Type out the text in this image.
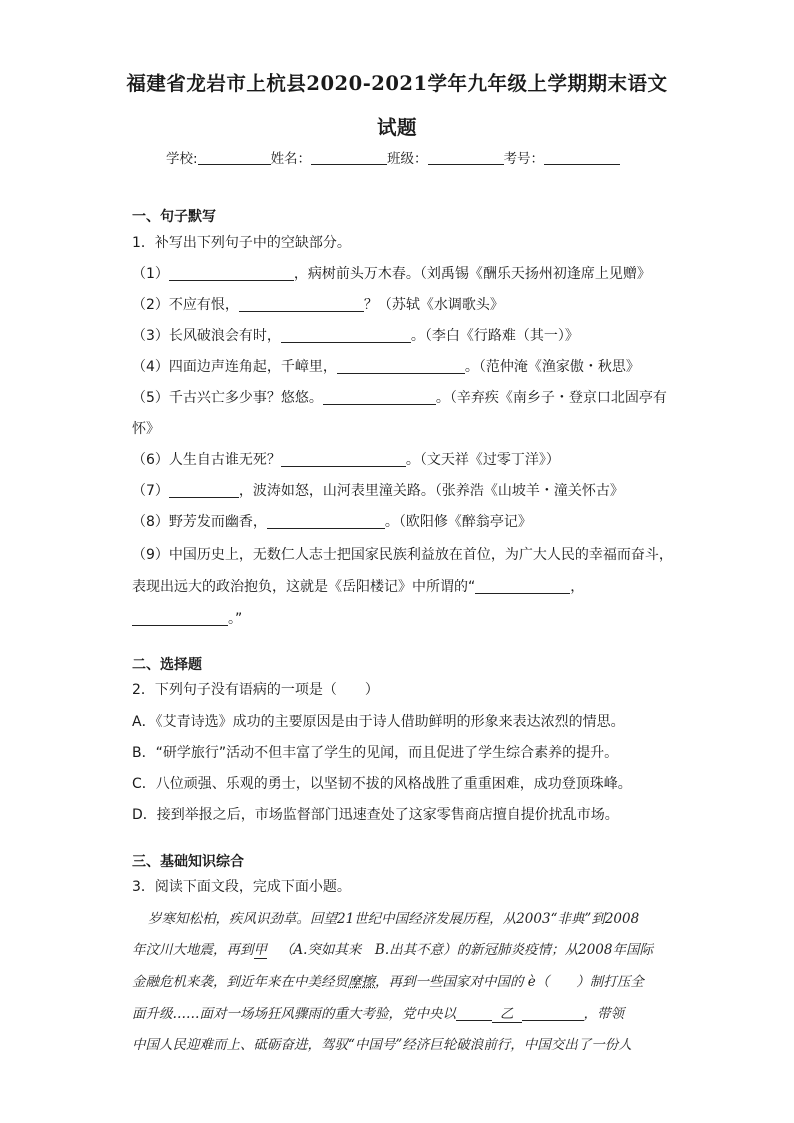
福建省龙岩市上杭县2020-2021学年九年级上学期期末语文
试题
学校:	姓名：	班级：	考号：
一、句子默写
1．补写出下列句子中的空缺部分。
（1）	，病树前头万木春。（刘禹锡《酬乐天扬州初逢席上见赠》
（2）不应有恨，	？（苏轼《水调歌头》
（3）长风破浪会有时，	。（李白《行路难（其一）》
（4）四面边声连角起，千嶂里，	。（范仲淹《渔家傲・秋思》
（5）千古兴亡多少事？悠悠。	。（辛弃疾《南乡子・登京口北固亭有
怀》
（6）人生自古谁无死？	。（文天祥《过零丁洋》）
（7）	，波涛如怒，山河表里潼关路。（张养浩《山坡羊・潼关怀古》
（8）野芳发而幽香，	。（欧阳修《醉翁亭记》
（9）中国历史上，无数仁人志士把国家民族利益放在首位，为广大人民的幸福而奋斗，
表现出远大的政治抱负，这就是《岳阳楼记》中所谓的“	，
。”
二、选择题
2．下列句子没有语病的一项是（　　）
A．《艾青诗选》成功的主要原因是由于诗人借助鲜明的形象来表达浓烈的情思。
B．“研学旅行”活动不但丰富了学生的见闻，而且促进了学生综合素养的提升。
C．八位顽强、乐观的勇士，以坚韧不拔的风格战胜了重重困难，成功登顶珠峰。
D．接到举报之后，市场监督部门迅速查处了这家零售商店擅自提价扰乱市场。
三、基础知识综合
3．阅读下面文段，完成下面小题。
岁寒知松柏，疾风识劲草。回望21世纪中国经济发展历程，从2003“非典”到2008
年汶川大地震，再到甲 （A.突如其来　B.出其不意）的新冠肺炎疫情；从2008年国际
金融危机来袭，到近年来在中美经贸摩擦，再到一些国家对中国的 è（　　）制打压全
面升级……面对一场场狂风骤雨的重大考验，党中央以	乙	，带领
中国人民迎难而上、砥砺奋进，驾驭“中国号”经济巨轮破浪前行，中国交出了一份人
